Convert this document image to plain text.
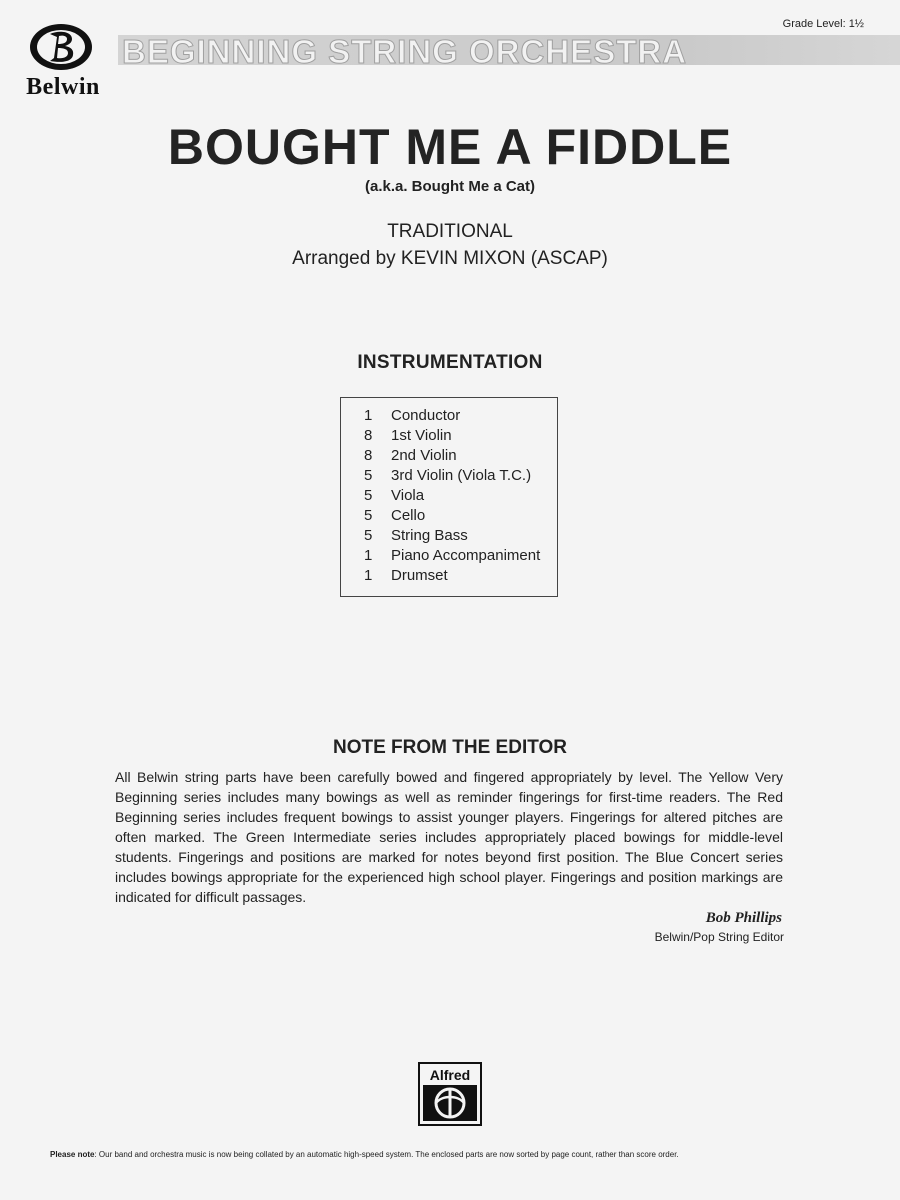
Belwin
BEGINNING STRING ORCHESTRA
Grade Level: 1½
BOUGHT ME A FIDDLE
(a.k.a. Bought Me a Cat)
TRADITIONAL
Arranged by KEVIN MIXON (ASCAP)
INSTRUMENTATION
1	Conductor
8	1st Violin
8	2nd Violin
5	3rd Violin (Viola T.C.)
5	Viola
5	Cello
5	String Bass
1	Piano Accompaniment
1	Drumset
NOTE FROM THE EDITOR
All Belwin string parts have been carefully bowed and fingered appropriately by level. The Yellow Very Beginning series includes many bowings as well as reminder fingerings for first-time readers. The Red Beginning series includes frequent bowings to assist younger players. Fingerings for altered pitches are often marked. The Green Intermediate series includes appropriately placed bowings for middle-level students. Fingerings and positions are marked for notes beyond first position. The Blue Concert series includes bowings appropriate for the experienced high school player. Fingerings and position markings are indicated for difficult passages.
Bob Phillips
Belwin/Pop String Editor
Alfred
Please note: Our band and orchestra music is now being collated by an automatic high-speed system. The enclosed parts are now sorted by page count, rather than score order.
